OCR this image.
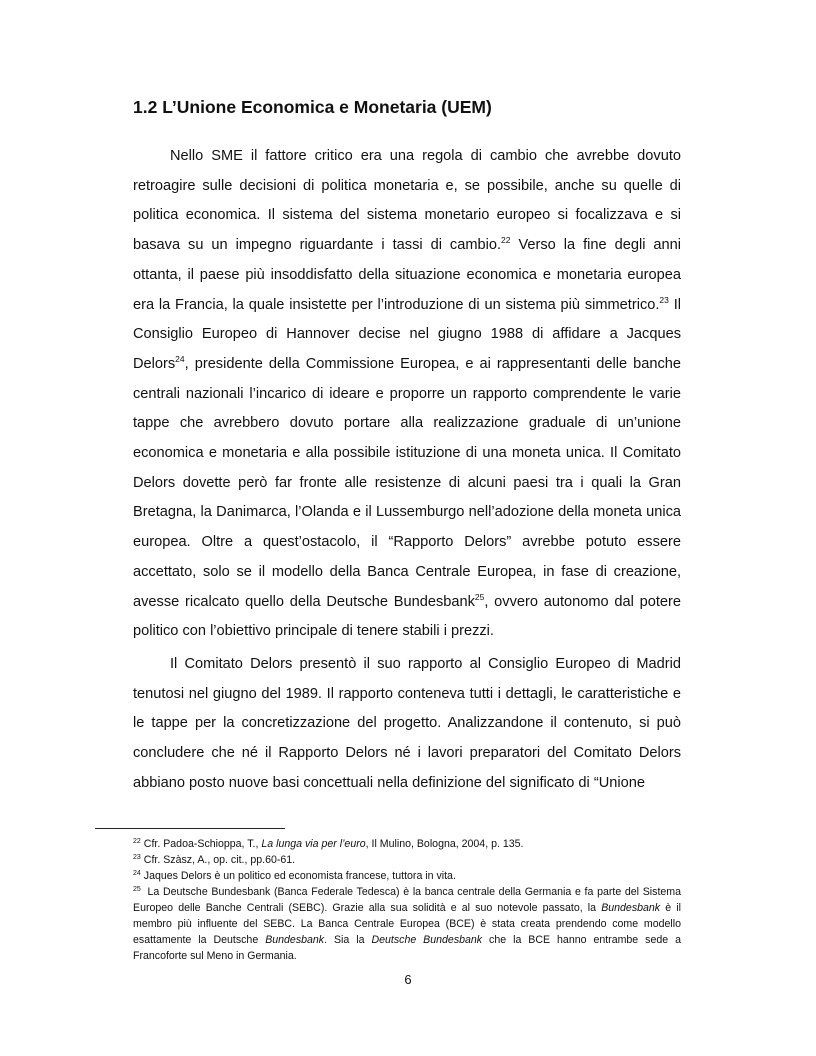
1.2 L’Unione Economica e Monetaria (UEM)

Nello SME il fattore critico era una regola di cambio che avrebbe dovuto retroagire sulle decisioni di politica monetaria e, se possibile, anche su quelle di politica economica. Il sistema del sistema monetario europeo si focalizzava e si basava su un impegno riguardante i tassi di cambio.$^{22}$ Verso la fine degli anni ottanta, il paese più insoddisfatto della situazione economica e monetaria europea era la Francia, la quale insistette per l’introduzione di un sistema più simmetrico.$^{23}$ Il Consiglio Europeo di Hannover decise nel giugno 1988 di affidare a Jacques Delors$^{24}$, presidente della Commissione Europea, e ai rappresentanti delle banche centrali nazionali l’incarico di ideare e proporre un rapporto comprendente le varie tappe che avrebbero dovuto portare alla realizzazione graduale di un’unione economica e monetaria e alla possibile istituzione di una moneta unica. Il Comitato Delors dovette però far fronte alle resistenze di alcuni paesi tra i quali la Gran Bretagna, la Danimarca, l’Olanda e il Lussemburgo nell’adozione della moneta unica europea. Oltre a quest’ostacolo, il “Rapporto Delors” avrebbe potuto essere accettato, solo se il modello della Banca Centrale Europea, in fase di creazione, avesse ricalcato quello della Deutsche Bundesbank$^{25}$, ovvero autonomo dal potere politico con l’obiettivo principale di tenere stabili i prezzi.

Il Comitato Delors presentò il suo rapporto al Consiglio Europeo di Madrid tenutosi nel giugno del 1989. Il rapporto conteneva tutti i dettagli, le caratteristiche e le tappe per la concretizzazione del progetto. Analizzandone il contenuto, si può concludere che né il Rapporto Delors né i lavori preparatori del Comitato Delors abbiano posto nuove basi concettuali nella definizione del significato di “Unione

$^{22}$ Cfr. Padoa-Schioppa, T., La lunga via per l’euro, Il Mulino, Bologna, 2004, p. 135.

$^{23}$ Cfr. Szàsz, A., op. cit., pp.60-61.

$^{24}$ Jaques Delors è un politico ed economista francese, tuttora in vita.

$^{25}$ La Deutsche Bundesbank (Banca Federale Tedesca) è la banca centrale della Germania e fa parte del Sistema Europeo delle Banche Centrali (SEBC). Grazie alla sua solidità e al suo notevole passato, la Bundesbank è il membro più influente del SEBC. La Banca Centrale Europea (BCE) è stata creata prendendo come modello esattamente la Deutsche Bundesbank. Sia la Deutsche Bundesbank che la BCE hanno entrambe sede a Francoforte sul Meno in Germania.

6
